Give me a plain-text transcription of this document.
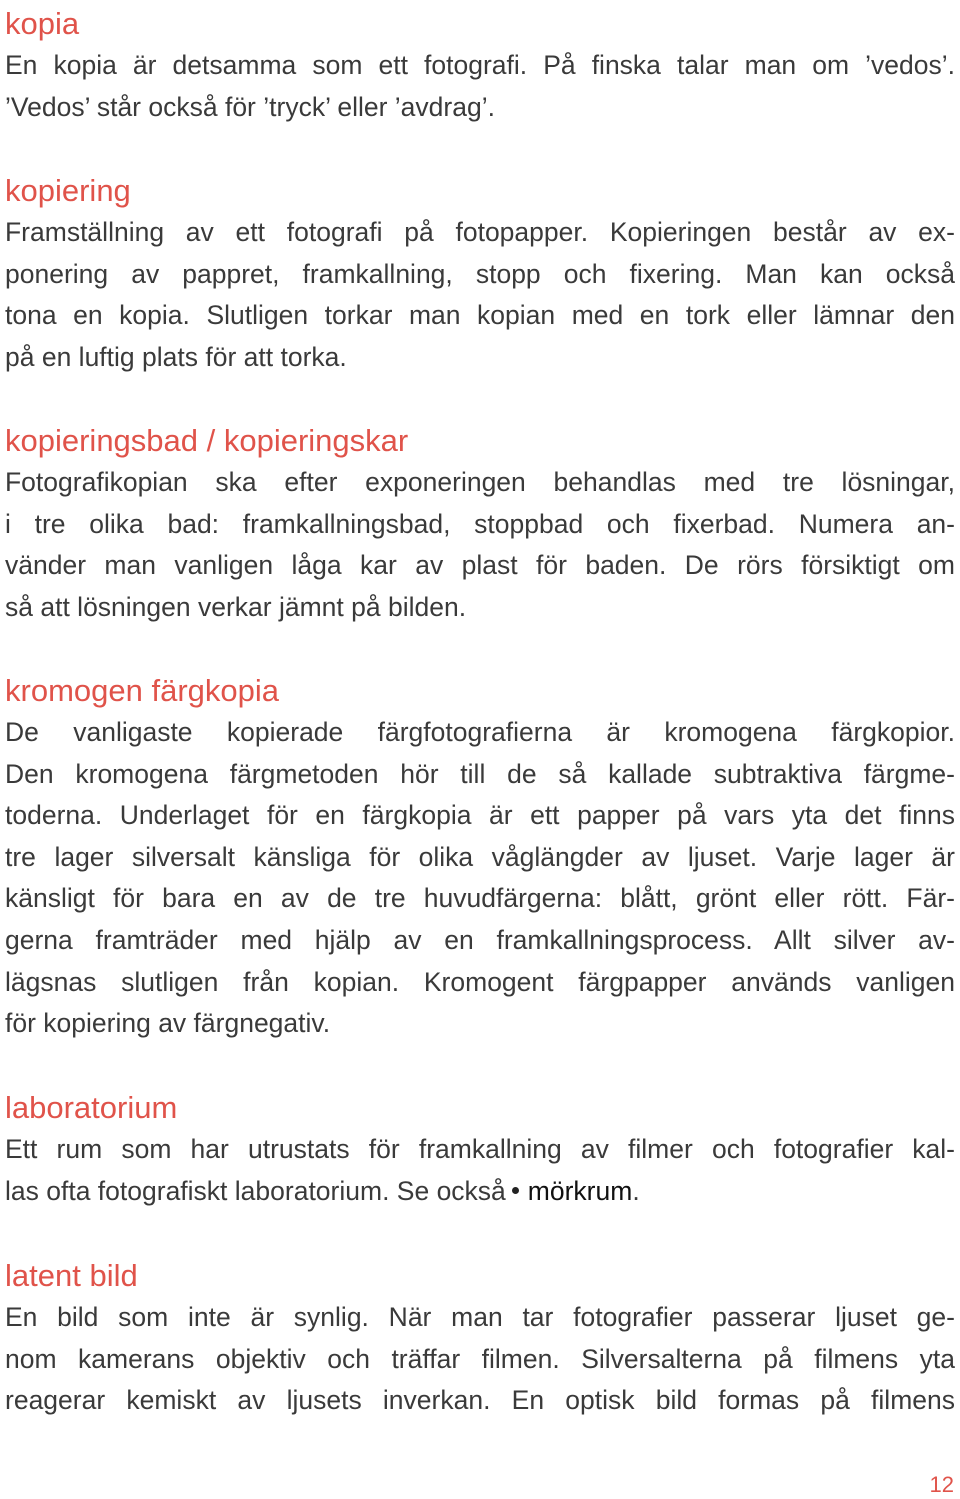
kopia
En kopia är detsamma som ett fotografi. På finska talar man om ’vedos’.
’Vedos’ står också för ’tryck’ eller ’avdrag’.
kopiering
Framställning av ett fotografi på fotopapper. Kopieringen består av ex-
ponering av pappret, framkallning, stopp och fixering. Man kan också
tona en kopia. Slutligen torkar man kopian med en tork eller lämnar den
på en luftig plats för att torka.
kopieringsbad / kopieringskar
Fotografikopian ska efter exponeringen behandlas med tre lösningar,
i tre olika bad: framkallningsbad, stoppbad och fixerbad. Numera an-
vänder man vanligen låga kar av plast för baden. De rörs försiktigt om
så att lösningen verkar jämnt på bilden.
kromogen färgkopia
De vanligaste kopierade färgfotografierna är kromogena färgkopior.
Den kromogena färgmetoden hör till de så kallade subtraktiva färgme-
toderna. Underlaget för en färgkopia är ett papper på vars yta det finns
tre lager silversalt känsliga för olika våglängder av ljuset. Varje lager är
känsligt för bara en av de tre huvudfärgerna: blått, grönt eller rött. Fär-
gerna framträder med hjälp av en framkallningsprocess. Allt silver av-
lägsnas slutligen från kopian. Kromogent färgpapper används vanligen
för kopiering av färgnegativ.
laboratorium
Ett rum som har utrustats för framkallning av filmer och fotografier kal-
las ofta fotografiskt laboratorium. Se också mörkrum.
latent bild
En bild som inte är synlig. När man tar fotografier passerar ljuset ge-
nom kamerans objektiv och träffar filmen. Silversalterna på filmens yta
reagerar kemiskt av ljusets inverkan. En optisk bild formas på filmens
12
